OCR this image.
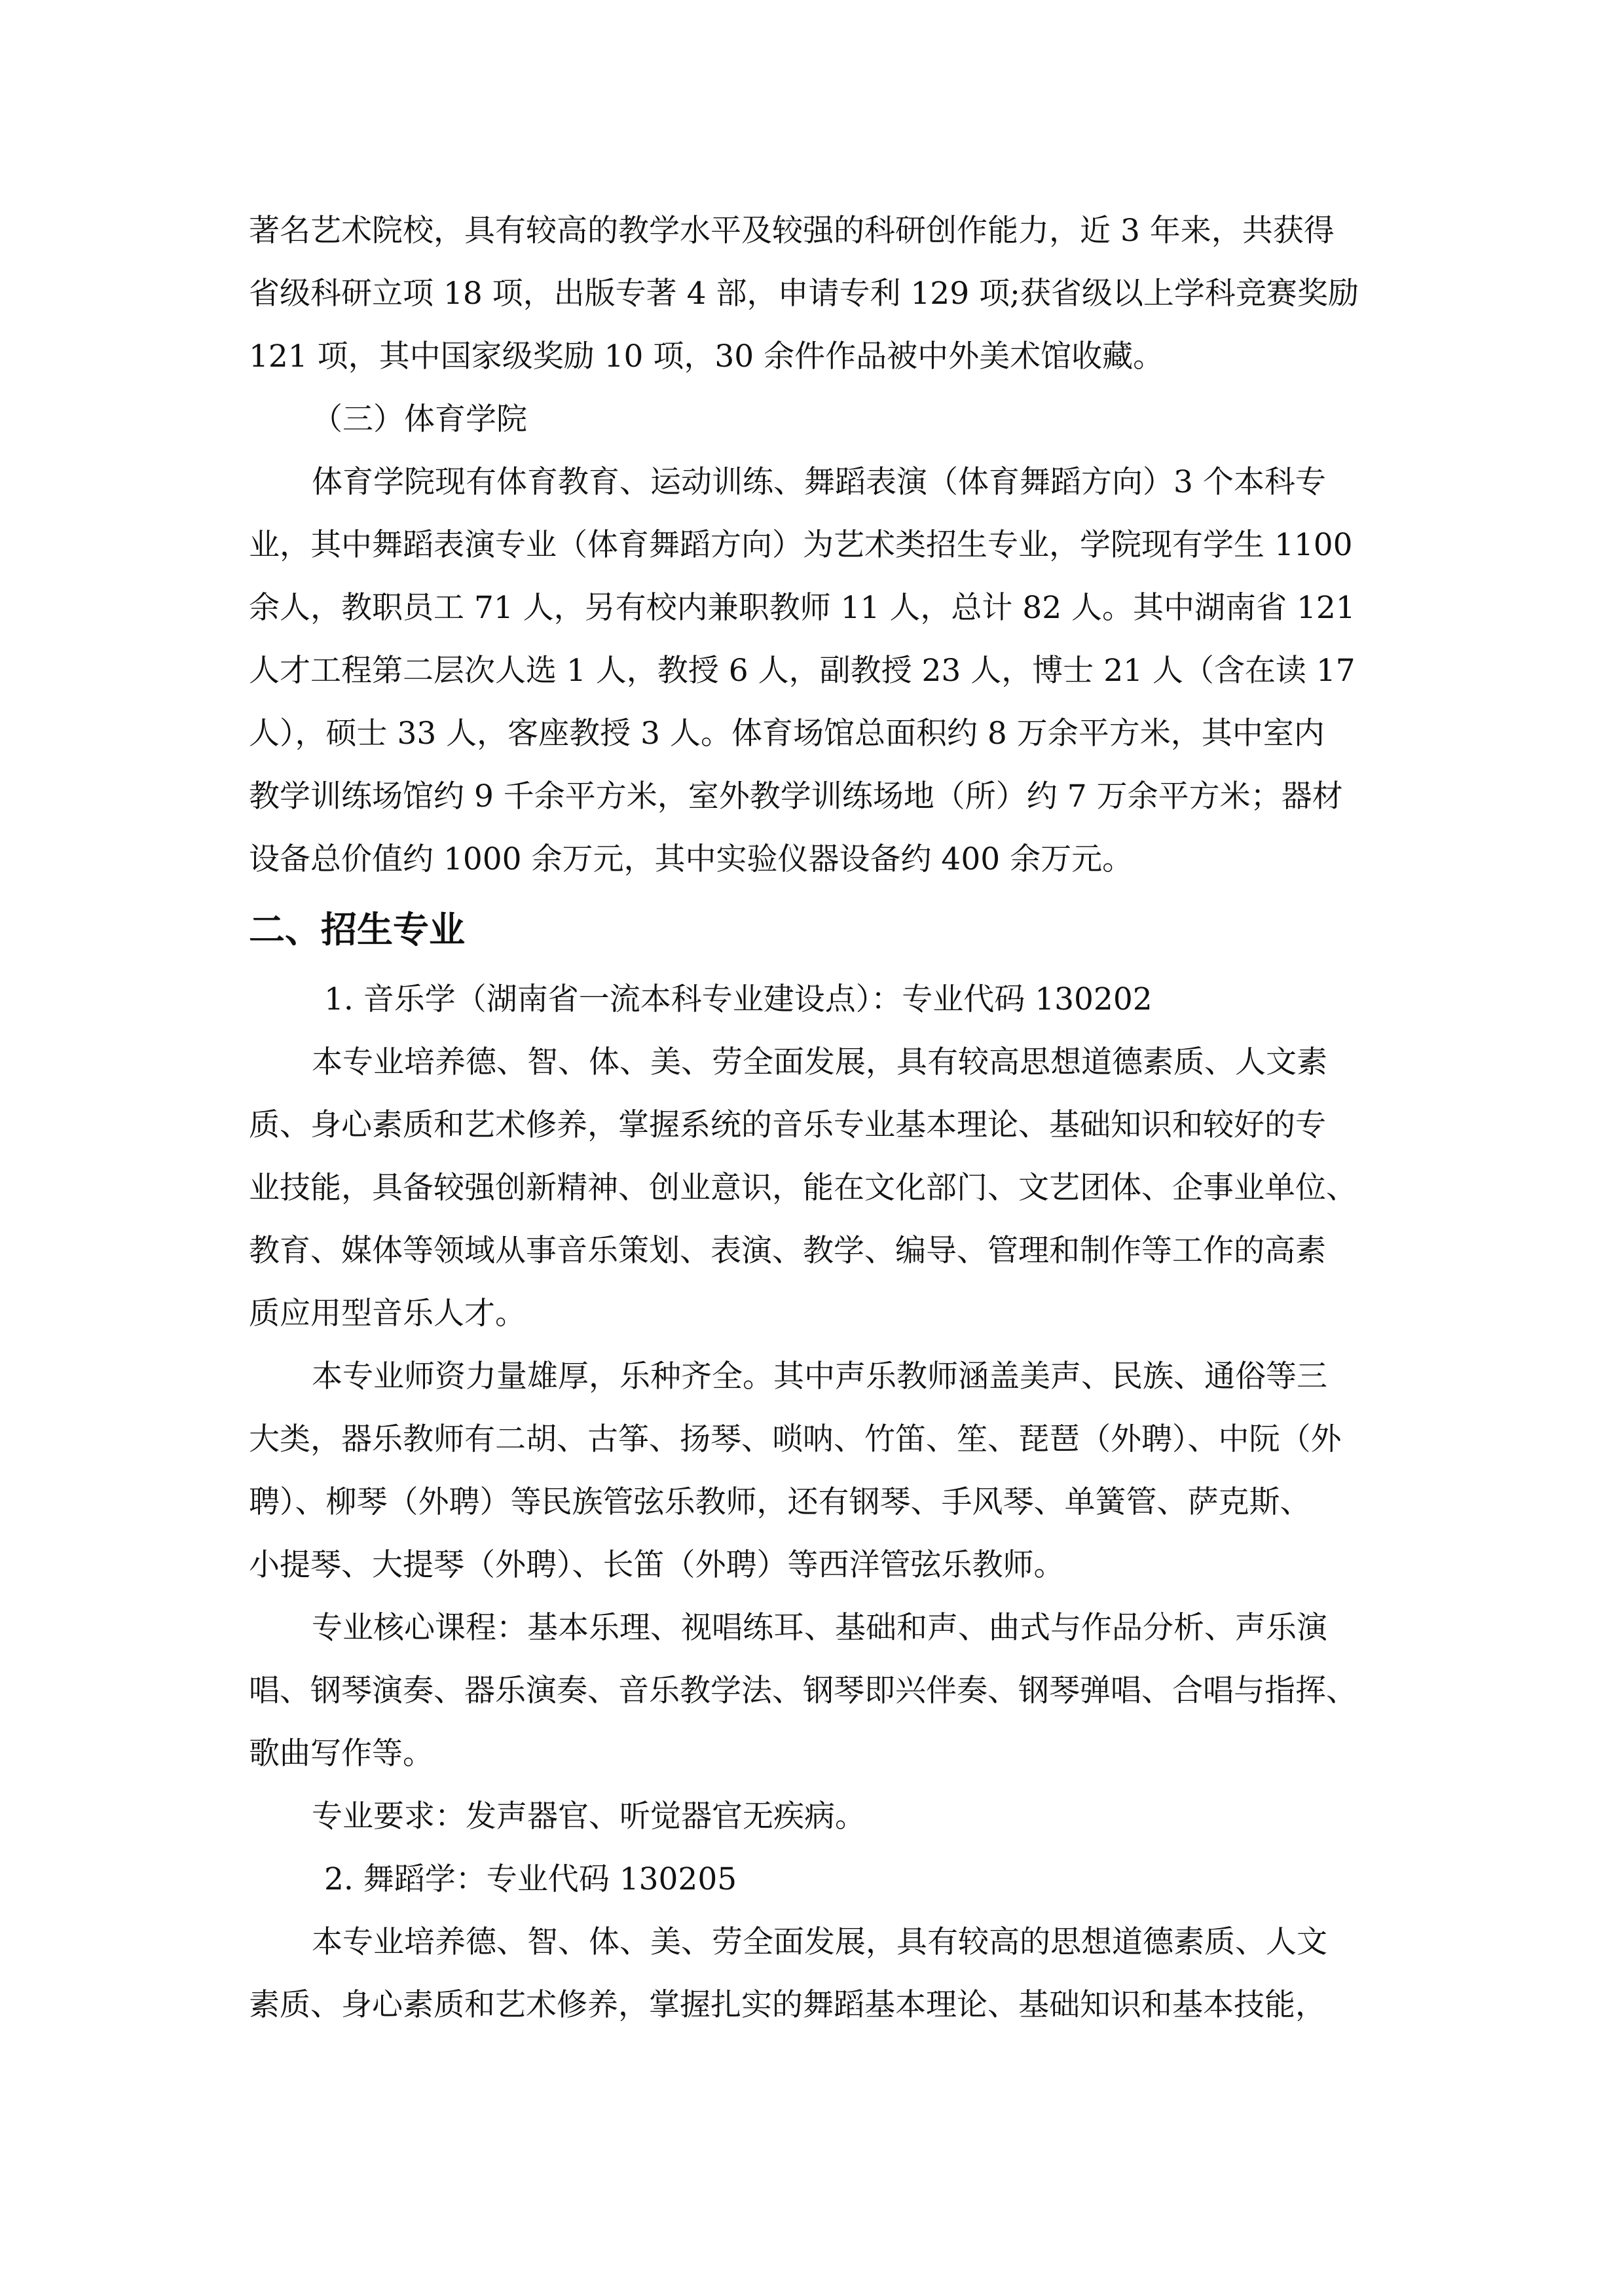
著名艺术院校，具有较高的教学水平及较强的科研创作能力，近 3 年来，共获得
省级科研立项 18 项，出版专著 4 部，申请专利 129 项;获省级以上学科竞赛奖励
121 项，其中国家级奖励 10 项，30 余件作品被中外美术馆收藏。
（三）体育学院
体育学院现有体育教育、运动训练、舞蹈表演（体育舞蹈方向）3 个本科专
业，其中舞蹈表演专业（体育舞蹈方向）为艺术类招生专业，学院现有学生 1100
余人，教职员工 71 人，另有校内兼职教师 11 人，总计 82 人。其中湖南省 121
人才工程第二层次人选 1 人，教授 6 人，副教授 23 人，博士 21 人（含在读 17
人），硕士 33 人，客座教授 3 人。体育场馆总面积约 8 万余平方米，其中室内
教学训练场馆约 9 千余平方米，室外教学训练场地（所）约 7 万余平方米；器材
设备总价值约 1000 余万元，其中实验仪器设备约 400 余万元。
二、招生专业
1. 音乐学（湖南省一流本科专业建设点）：专业代码 130202
本专业培养德、智、体、美、劳全面发展，具有较高思想道德素质、人文素
质、身心素质和艺术修养，掌握系统的音乐专业基本理论、基础知识和较好的专
业技能，具备较强创新精神、创业意识，能在文化部门、文艺团体、企事业单位、
教育、媒体等领域从事音乐策划、表演、教学、编导、管理和制作等工作的高素
质应用型音乐人才。
本专业师资力量雄厚，乐种齐全。其中声乐教师涵盖美声、民族、通俗等三
大类，器乐教师有二胡、古筝、扬琴、唢呐、竹笛、笙、琵琶（外聘）、中阮（外
聘）、柳琴（外聘）等民族管弦乐教师，还有钢琴、手风琴、单簧管、萨克斯、
小提琴、大提琴（外聘）、长笛（外聘）等西洋管弦乐教师。
专业核心课程：基本乐理、视唱练耳、基础和声、曲式与作品分析、声乐演
唱、钢琴演奏、器乐演奏、音乐教学法、钢琴即兴伴奏、钢琴弹唱、合唱与指挥、
歌曲写作等。
专业要求：发声器官、听觉器官无疾病。
2. 舞蹈学：专业代码 130205
本专业培养德、智、体、美、劳全面发展，具有较高的思想道德素质、人文
素质、身心素质和艺术修养，掌握扎实的舞蹈基本理论、基础知识和基本技能，
